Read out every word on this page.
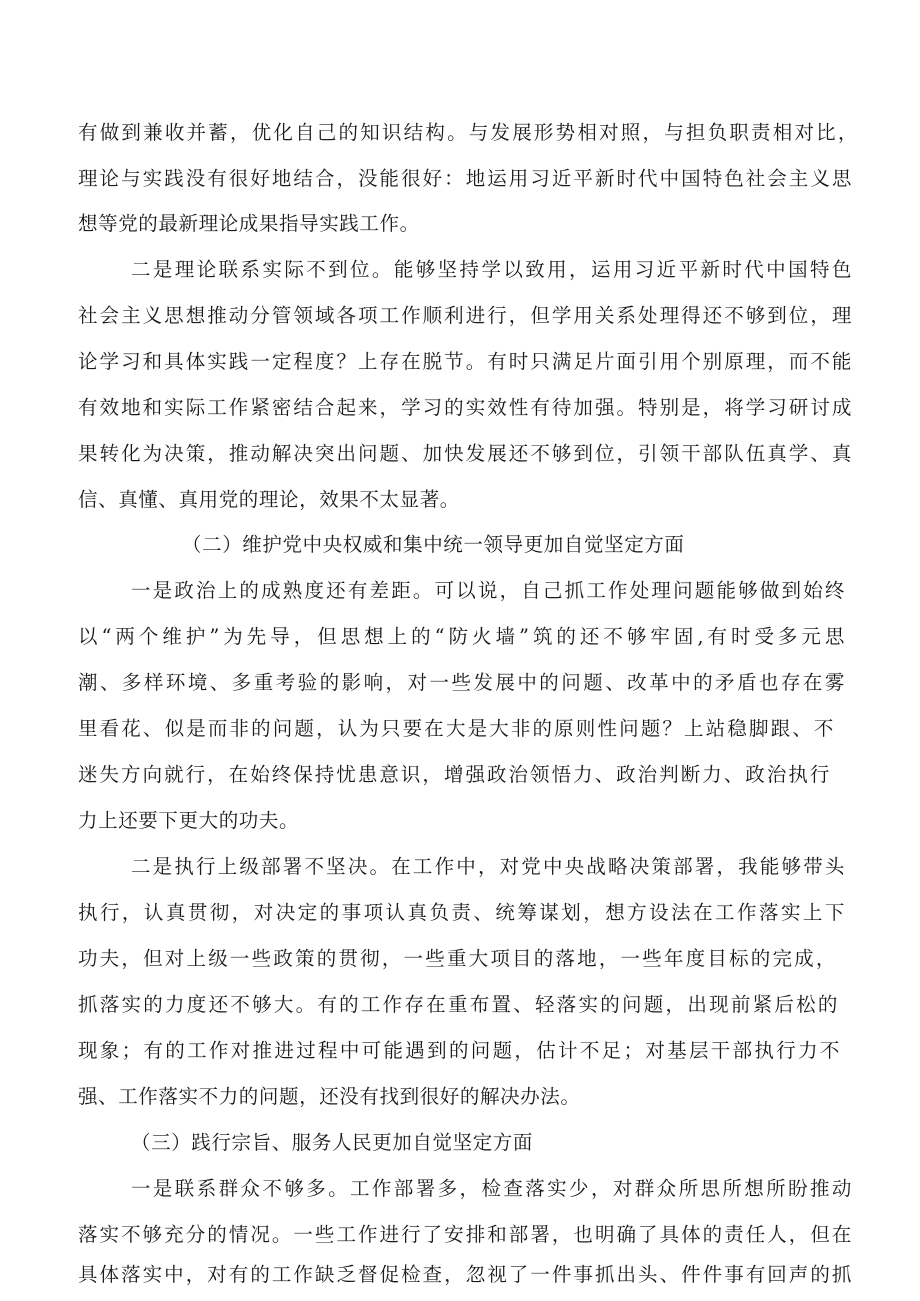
有做到兼收并蓄，优化自己的知识结构。与发展形势相对照，与担负职责相对比，

理论与实践没有很好地结合，没能很好：地运用习近平新时代中国特色社会主义思

想等党的最新理论成果指导实践工作。

二是理论联系实际不到位。能够坚持学以致用，运用习近平新时代中国特色

社会主义思想推动分管领域各项工作顺利进行，但学用关系处理得还不够到位，理

论学习和具体实践一定程度？上存在脱节。有时只满足片面引用个别原理，而不能

有效地和实际工作紧密结合起来，学习的实效性有待加强。特别是，将学习研讨成

果转化为决策，推动解决突出问题、加快发展还不够到位，引领干部队伍真学、真

信、真懂、真用党的理论，效果不太显著。

（二）维护党中央权威和集中统一领导更加自觉坚定方面

一是政治上的成熟度还有差距。可以说，自己抓工作处理问题能够做到始终

以“两个维护”为先导，但思想上的“防火墙”筑的还不够牢固,有时受多元思

潮、多样环境、多重考验的影响，对一些发展中的问题、改革中的矛盾也存在雾

里看花、似是而非的问题，认为只要在大是大非的原则性问题？上站稳脚跟、不

迷失方向就行，在始终保持忧患意识，增强政治领悟力、政治判断力、政治执行

力上还要下更大的功夫。

二是执行上级部署不坚决。在工作中，对党中央战略决策部署，我能够带头

执行，认真贯彻，对决定的事项认真负责、统筹谋划，想方设法在工作落实上下

功夫，但对上级一些政策的贯彻，一些重大项目的落地，一些年度目标的完成，

抓落实的力度还不够大。有的工作存在重布置、轻落实的问题，出现前紧后松的

现象；有的工作对推进过程中可能遇到的问题，估计不足；对基层干部执行力不

强、工作落实不力的问题，还没有找到很好的解决办法。

（三）践行宗旨、服务人民更加自觉坚定方面

一是联系群众不够多。工作部署多，检查落实少，对群众所思所想所盼推动

落实不够充分的情况。一些工作进行了安排和部署，也明确了具体的责任人，但在

具体落实中，对有的工作缺乏督促检查，忽视了一件事抓出头、件件事有回声的抓
